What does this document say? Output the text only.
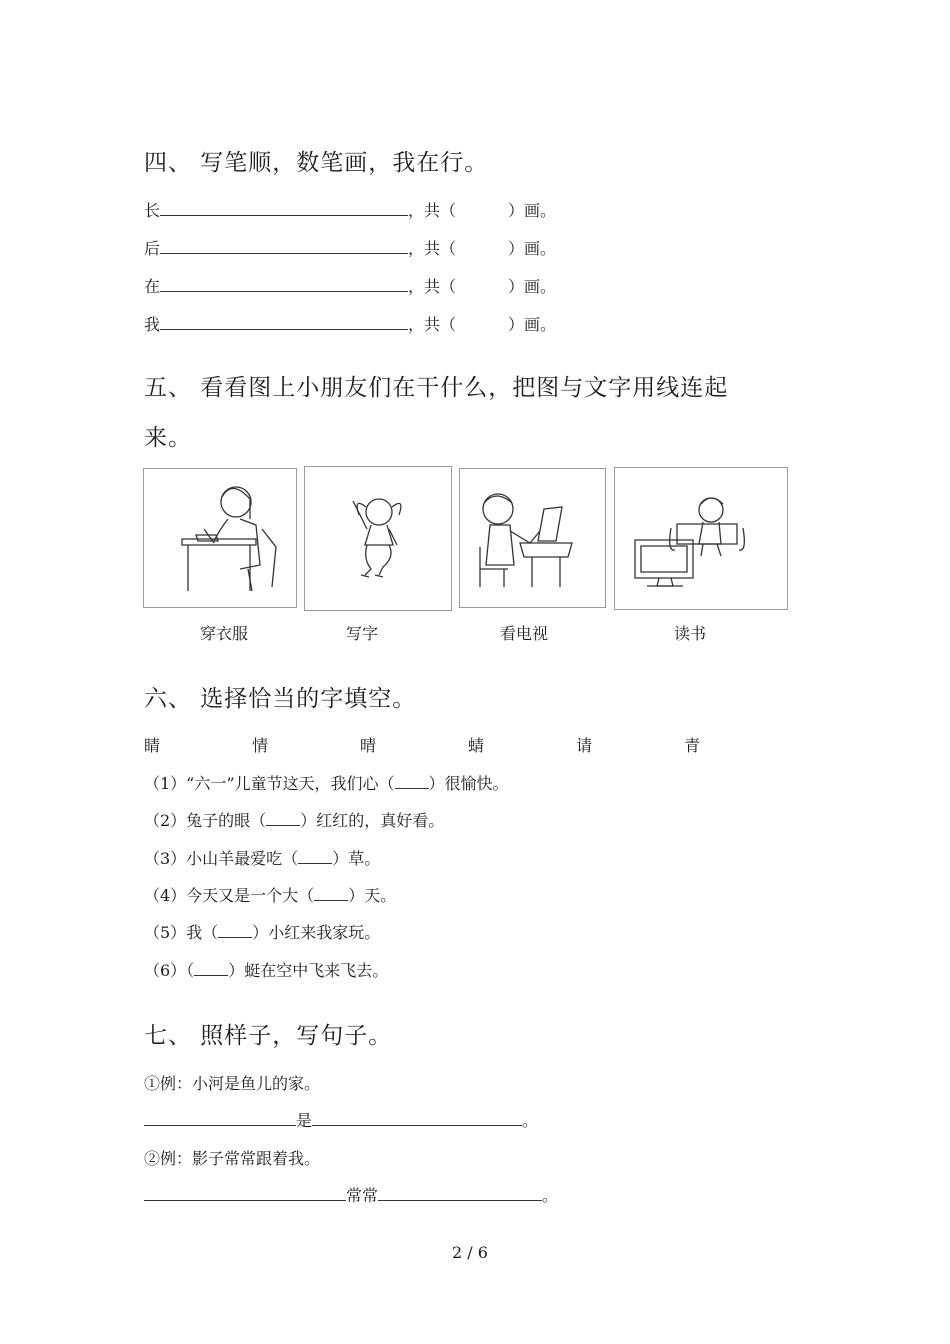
四、 写笔顺，数笔画，我在行。
长	，共（	）画。
后	，共（	）画。
在	，共（	）画。
我	，共（	）画。
五、 看看图上小朋友们在干什么，把图与文字用线连起
来。
穿衣服	写字	看电视	读书
六、 选择恰当的字填空。
睛	情	晴	蜻	请	青
（1）“六一”儿童节这天，我们心（ ）很愉快。
（2）兔子的眼（ ）红红的，真好看。
（3）小山羊最爱吃（ ）草。
（4）今天又是一个大（ ）天。
（5）我（ ）小红来我家玩。
（6）（ ）蜓在空中飞来飞去。
七、 照样子，写句子。
①例：小河是鱼儿的家。
是	。
②例：影子常常跟着我。
常常	。
2 / 6
